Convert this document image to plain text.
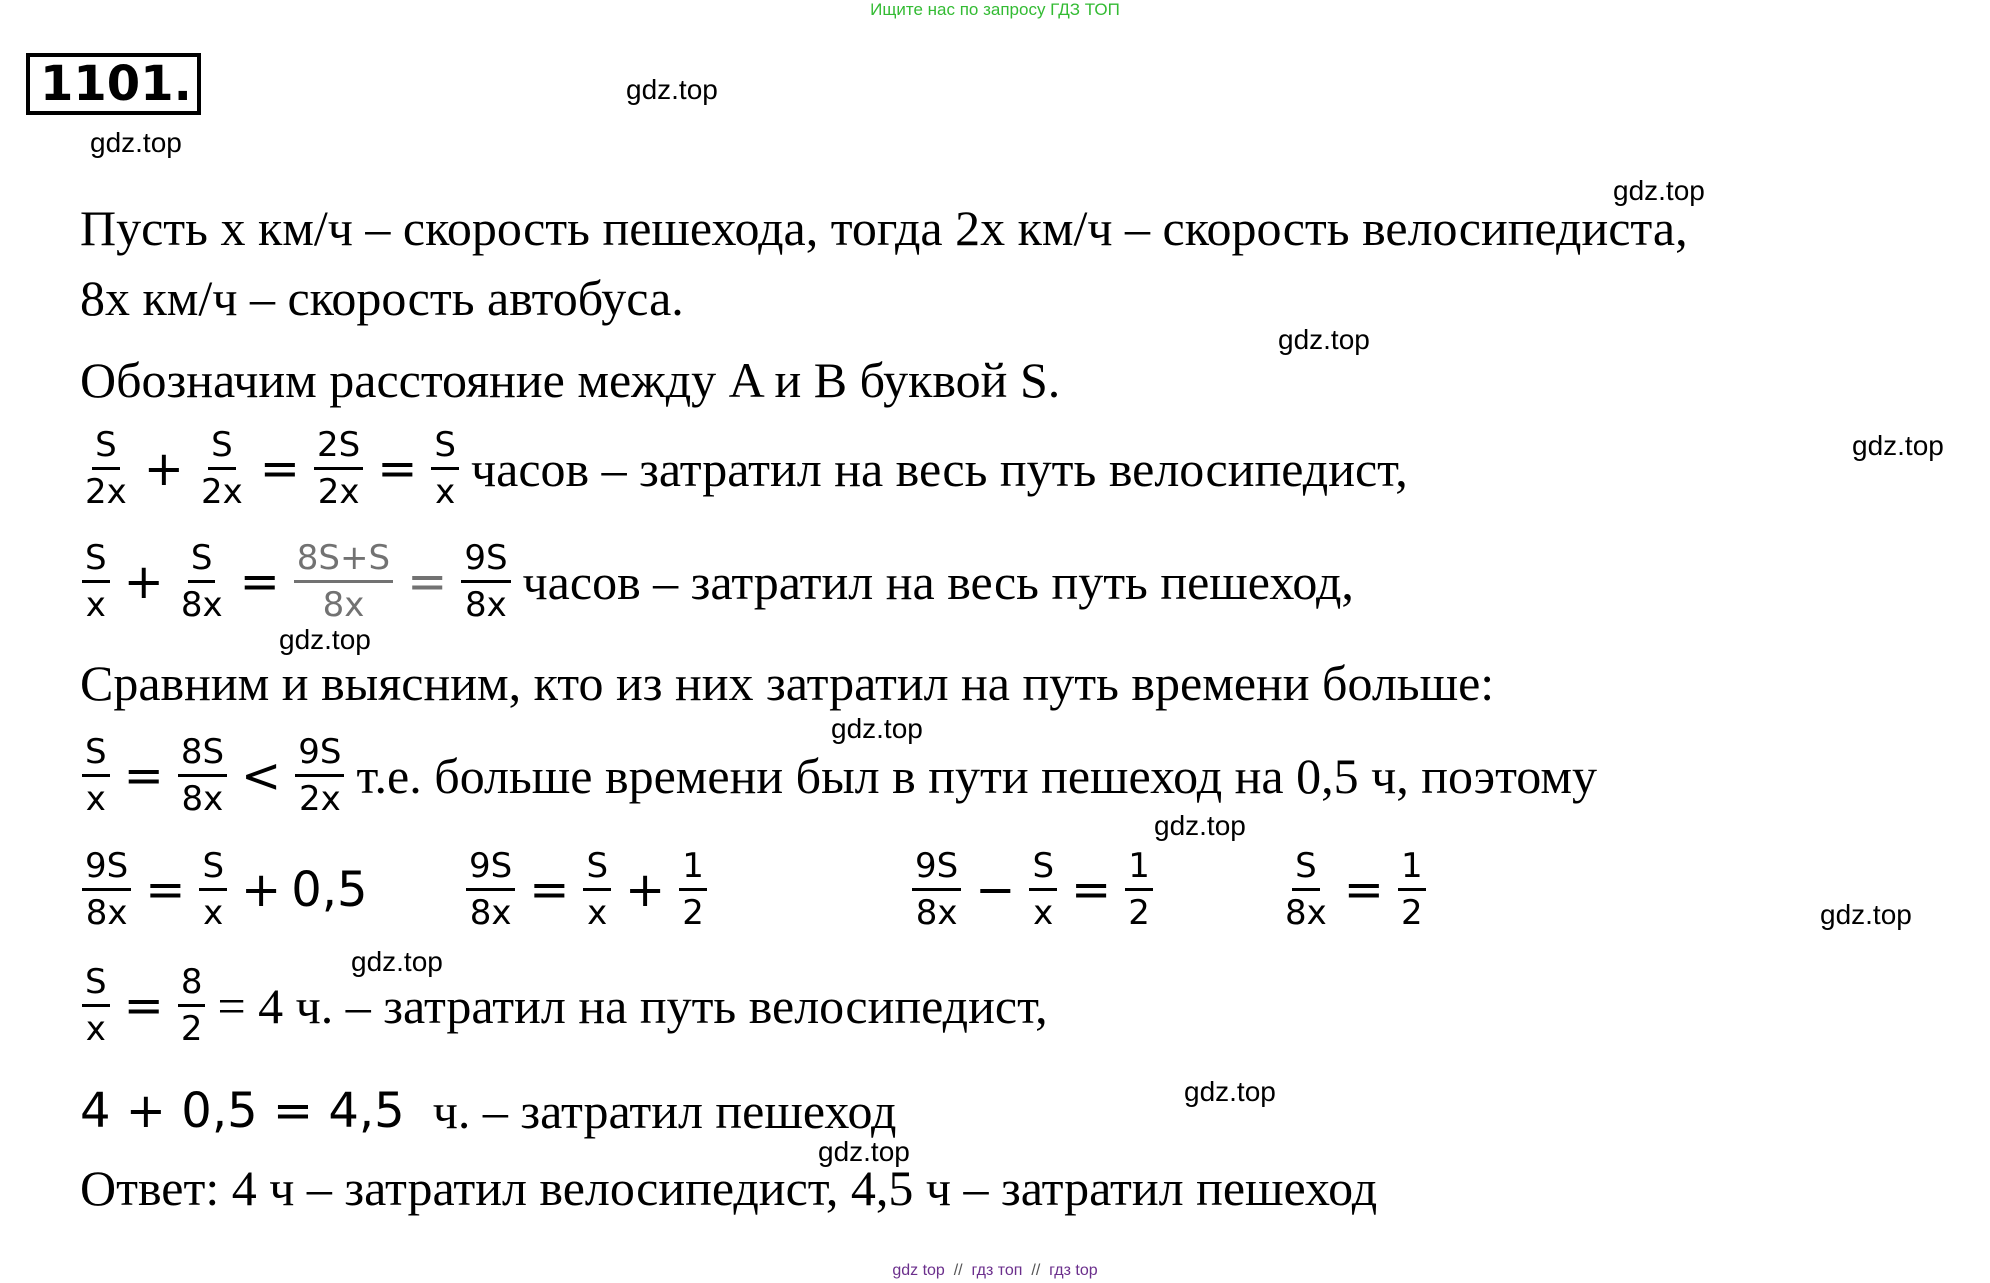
Ищите нас по запросу ГДЗ ТОП
1101.	gdz.top
gdz.top
gdz.top
gdz.top
gdz.top
gdz.top
gdz.top
gdz.top
gdz.top
gdz.top
gdz.top
gdz.top
Пусть x км/ч – скорость пешехода, тогда 2x км/ч – скорость велосипедиста,
8x км/ч – скорость автобуса.
Обозначим расстояние между A и B буквой S.
$\frac{S}{2x} + \frac{S}{2x} = \frac{2S}{2x} = \frac{S}{x}$ часов – затратил на весь путь велосипедист,
$\frac{S}{x} + \frac{S}{8x} = \frac{8S+S}{8x} = \frac{9S}{8x}$ часов – затратил на весь путь пешеход,
Сравним и выясним, кто из них затратил на путь времени больше:
$\frac{S}{x} = \frac{8S}{8x} < \frac{9S}{2x} т.е$. больше времени был в пути пешеход на 0,5 ч, поэтому
$\frac{9S}{8x} = \frac{S}{x} + 0,5$	$\frac{9S}{8x} = \frac{S}{x} + \frac{1}{2}$	$\frac{9S}{8x} - \frac{S}{x} = \frac{1}{2}$	$\frac{S}{8x} = \frac{1}{2}$
$\frac{S}{x} = \frac{8}{2} = 4$ ч. – затратил на путь велосипедист,
4 + 0,5 = 4,5 ч. – затратил пешеход
Ответ: 4 ч – затратил велосипедист, 4,5 ч – затратил пешеход
gdz top  //  гдз топ  //  гдз top
